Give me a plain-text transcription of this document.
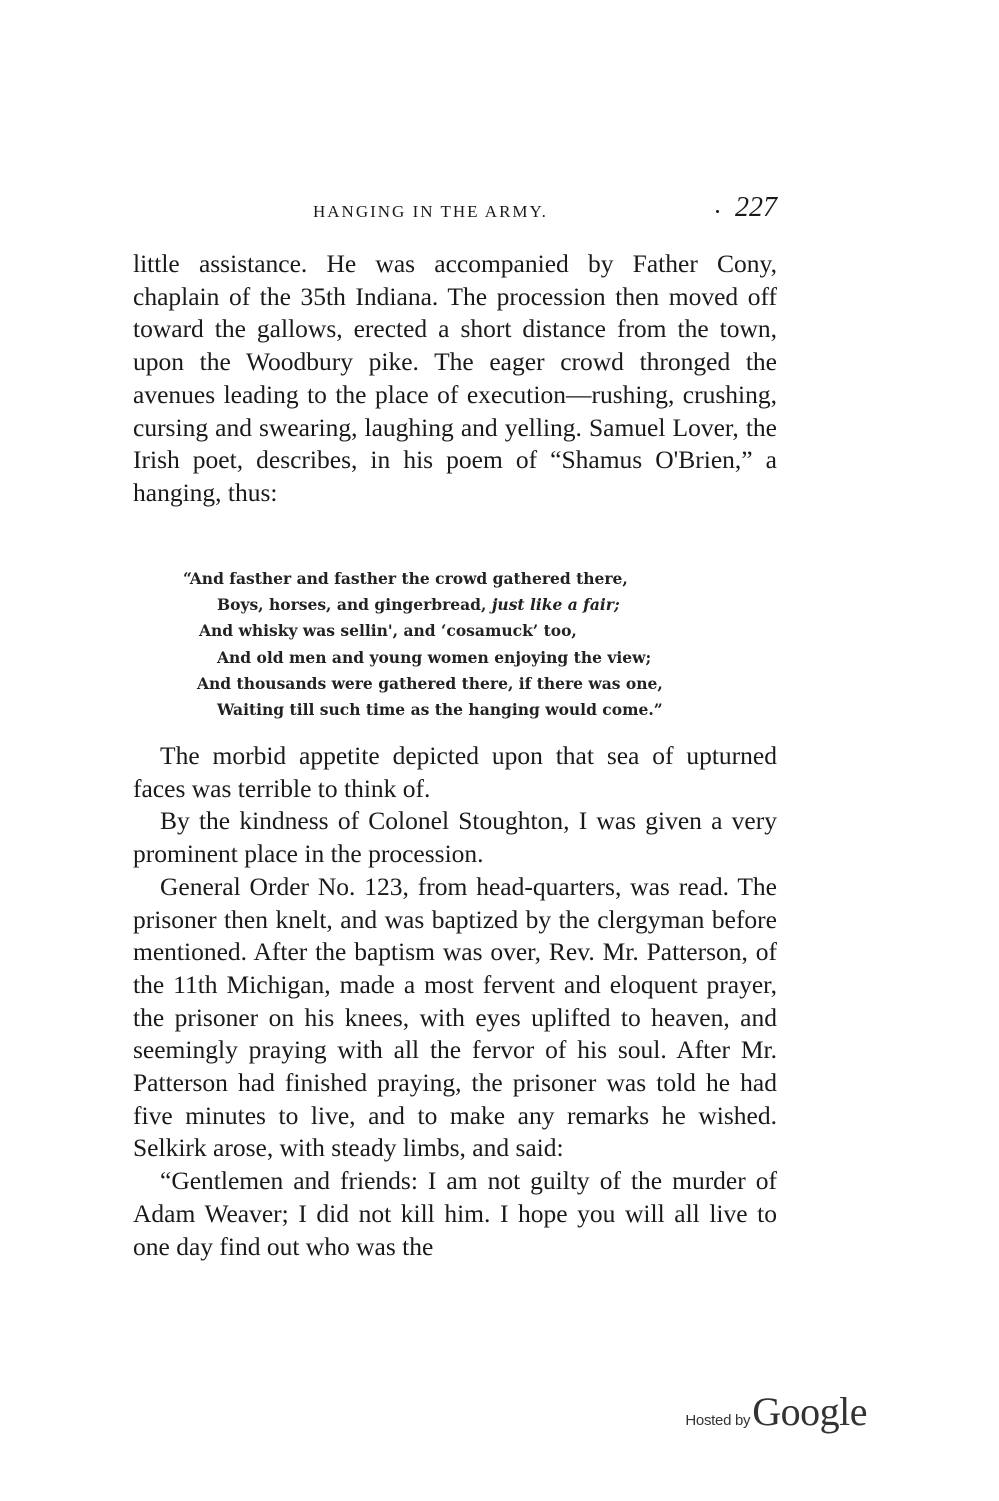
HANGING IN THE ARMY.	227

little assistance. He was accompanied by Father Cony, chaplain of the 35th Indiana. The procession then moved off toward the gallows, erected a short distance from the town, upon the Woodbury pike. The eager crowd thronged the avenues leading to the place of execution—rushing, crushing, cursing and swearing, laughing and yelling. Samuel Lover, the Irish poet, describes, in his poem of “Shamus O'Brien,” a hanging, thus:

“And fasther and fasther the crowd gathered there,
Boys, horses, and gingerbread, just like a fair;
And whisky was sellin', and ‘cosamuck’ too,
And old men and young women enjoying the view;
And thousands were gathered there, if there was one,
Waiting till such time as the hanging would come.”

The morbid appetite depicted upon that sea of upturned faces was terrible to think of.

By the kindness of Colonel Stoughton, I was given a very prominent place in the procession.

General Order No. 123, from head-quarters, was read. The prisoner then knelt, and was baptized by the clergyman before mentioned. After the baptism was over, Rev. Mr. Patterson, of the 11th Michigan, made a most fervent and eloquent prayer, the prisoner on his knees, with eyes uplifted to heaven, and seemingly praying with all the fervor of his soul. After Mr. Patterson had finished praying, the prisoner was told he had five minutes to live, and to make any remarks he wished. Selkirk arose, with steady limbs, and said:

“Gentlemen and friends: I am not guilty of the murder of Adam Weaver; I did not kill him. I hope you will all live to one day find out who was the

Hosted by Google
